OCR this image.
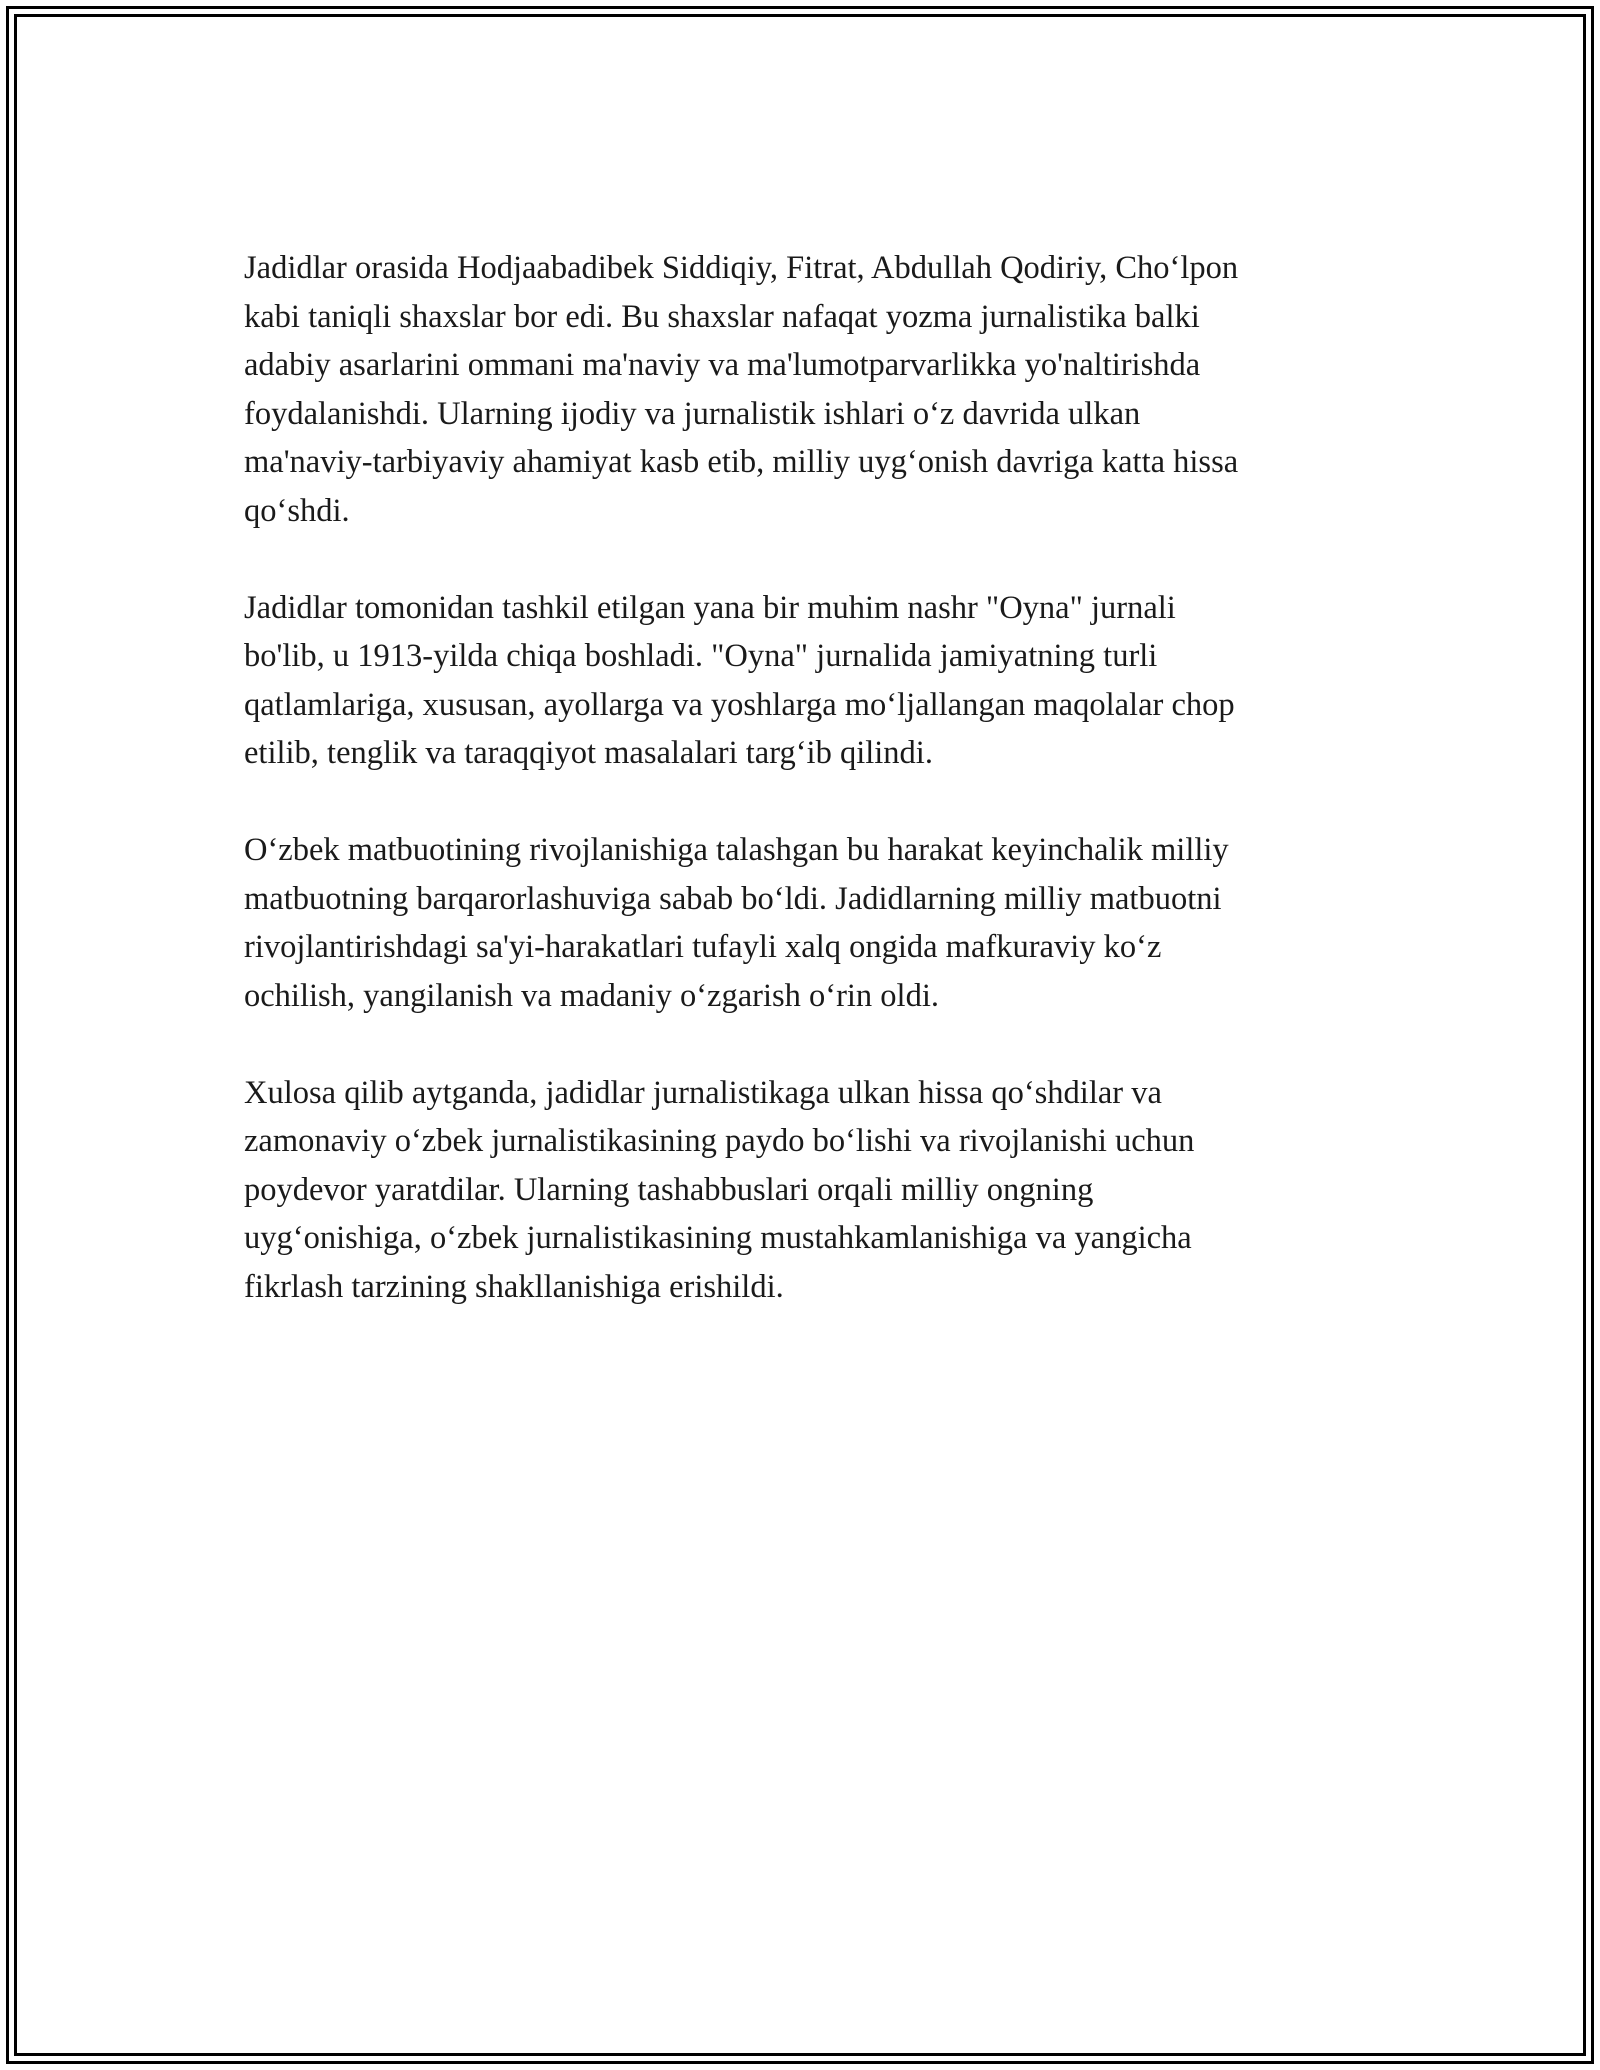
Jadidlar orasida Hodjaabadibek Siddiqiy, Fitrat, Abdullah Qodiriy, Cho‘lpon
kabi taniqli shaxslar bor edi. Bu shaxslar nafaqat yozma jurnalistika balki
adabiy asarlarini ommani ma'naviy va ma'lumotparvarlikka yo'naltirishda
foydalanishdi. Ularning ijodiy va jurnalistik ishlari o‘z davrida ulkan
ma'naviy-tarbiyaviy ahamiyat kasb etib, milliy uyg‘onish davriga katta hissa
qo‘shdi.

Jadidlar tomonidan tashkil etilgan yana bir muhim nashr "Oyna" jurnali
bo'lib, u 1913-yilda chiqa boshladi. "Oyna" jurnalida jamiyatning turli
qatlamlariga, xususan, ayollarga va yoshlarga mo‘ljallangan maqolalar chop
etilib, tenglik va taraqqiyot masalalari targ‘ib qilindi.

O‘zbek matbuotining rivojlanishiga talashgan bu harakat keyinchalik milliy
matbuotning barqarorlashuviga sabab bo‘ldi. Jadidlarning milliy matbuotni
rivojlantirishdagi sa'yi-harakatlari tufayli xalq ongida mafkuraviy ko‘z
ochilish, yangilanish va madaniy o‘zgarish o‘rin oldi.

Xulosa qilib aytganda, jadidlar jurnalistikaga ulkan hissa qo‘shdilar va
zamonaviy o‘zbek jurnalistikasining paydo bo‘lishi va rivojlanishi uchun
poydevor yaratdilar. Ularning tashabbuslari orqali milliy ongning
uyg‘onishiga, o‘zbek jurnalistikasining mustahkamlanishiga va yangicha
fikrlash tarzining shakllanishiga erishildi.
